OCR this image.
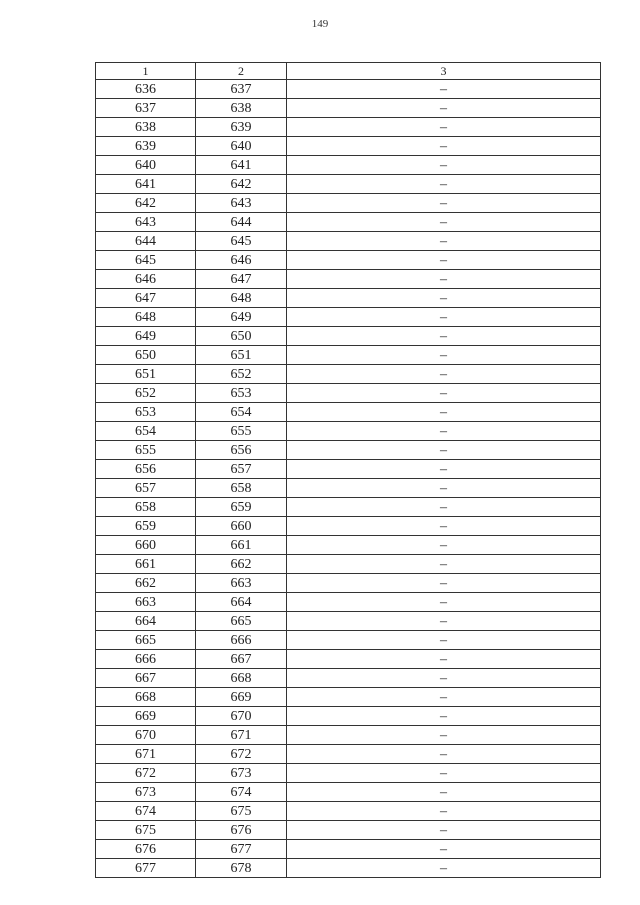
149
1	2	3
636	637	–
637	638	–
638	639	–
639	640	–
640	641	–
641	642	–
642	643	–
643	644	–
644	645	–
645	646	–
646	647	–
647	648	–
648	649	–
649	650	–
650	651	–
651	652	–
652	653	–
653	654	–
654	655	–
655	656	–
656	657	–
657	658	–
658	659	–
659	660	–
660	661	–
661	662	–
662	663	–
663	664	–
664	665	–
665	666	–
666	667	–
667	668	–
668	669	–
669	670	–
670	671	–
671	672	–
672	673	–
673	674	–
674	675	–
675	676	–
676	677	–
677	678	–
